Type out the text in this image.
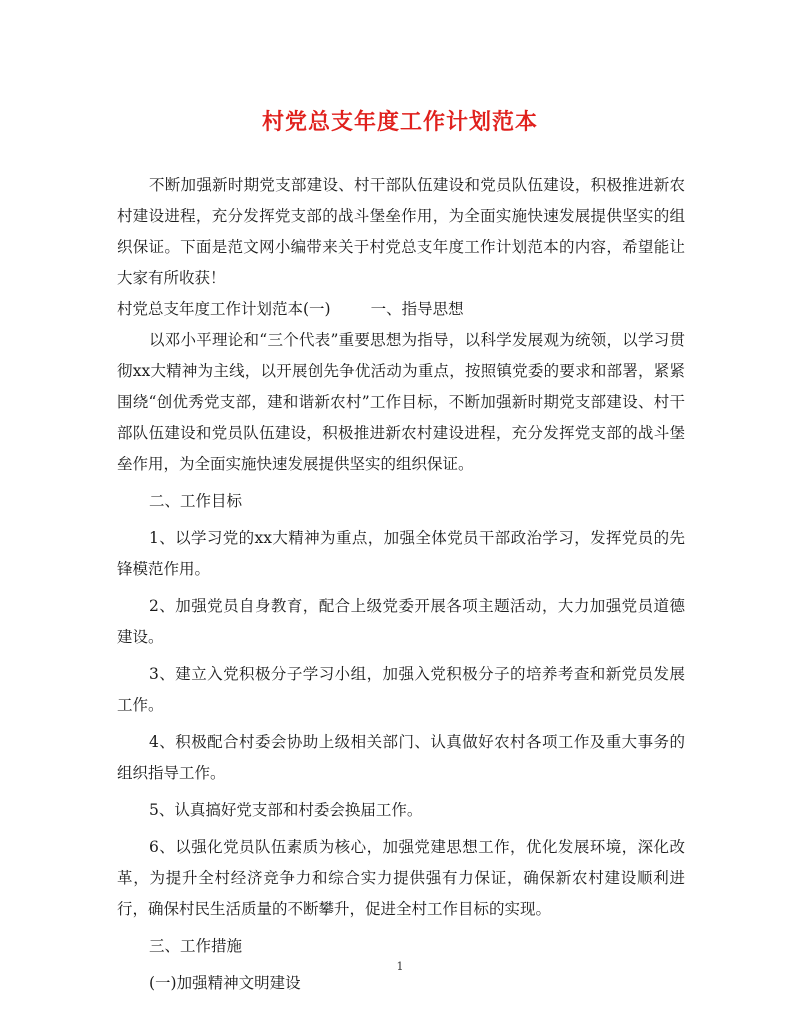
村党总支年度工作计划范本

不断加强新时期党支部建设、村干部队伍建设和党员队伍建设，积极推进新农村建设进程，充分发挥党支部的战斗堡垒作用，为全面实施快速发展提供坚实的组织保证。下面是范文网小编带来关于村党总支年度工作计划范本的内容，希望能让大家有所收获！

村党总支年度工作计划范本(一)	一、指导思想

以邓小平理论和“三个代表”重要思想为指导，以科学发展观为统领，以学习贯彻xx大精神为主线，以开展创先争优活动为重点，按照镇党委的要求和部署，紧紧围绕“创优秀党支部，建和谐新农村”工作目标，不断加强新时期党支部建设、村干部队伍建设和党员队伍建设，积极推进新农村建设进程，充分发挥党支部的战斗堡垒作用，为全面实施快速发展提供坚实的组织保证。

二、工作目标

1、以学习党的xx大精神为重点，加强全体党员干部政治学习，发挥党员的先锋模范作用。

2、加强党员自身教育，配合上级党委开展各项主题活动，大力加强党员道德建设。

3、建立入党积极分子学习小组，加强入党积极分子的培养考查和新党员发展工作。

4、积极配合村委会协助上级相关部门、认真做好农村各项工作及重大事务的组织指导工作。

5、认真搞好党支部和村委会换届工作。

6、以强化党员队伍素质为核心，加强党建思想工作，优化发展环境，深化改革，为提升全村经济竞争力和综合实力提供强有力保证，确保新农村建设顺利进行，确保村民生活质量的不断攀升，促进全村工作目标的实现。

三、工作措施

(一)加强精神文明建设

1
